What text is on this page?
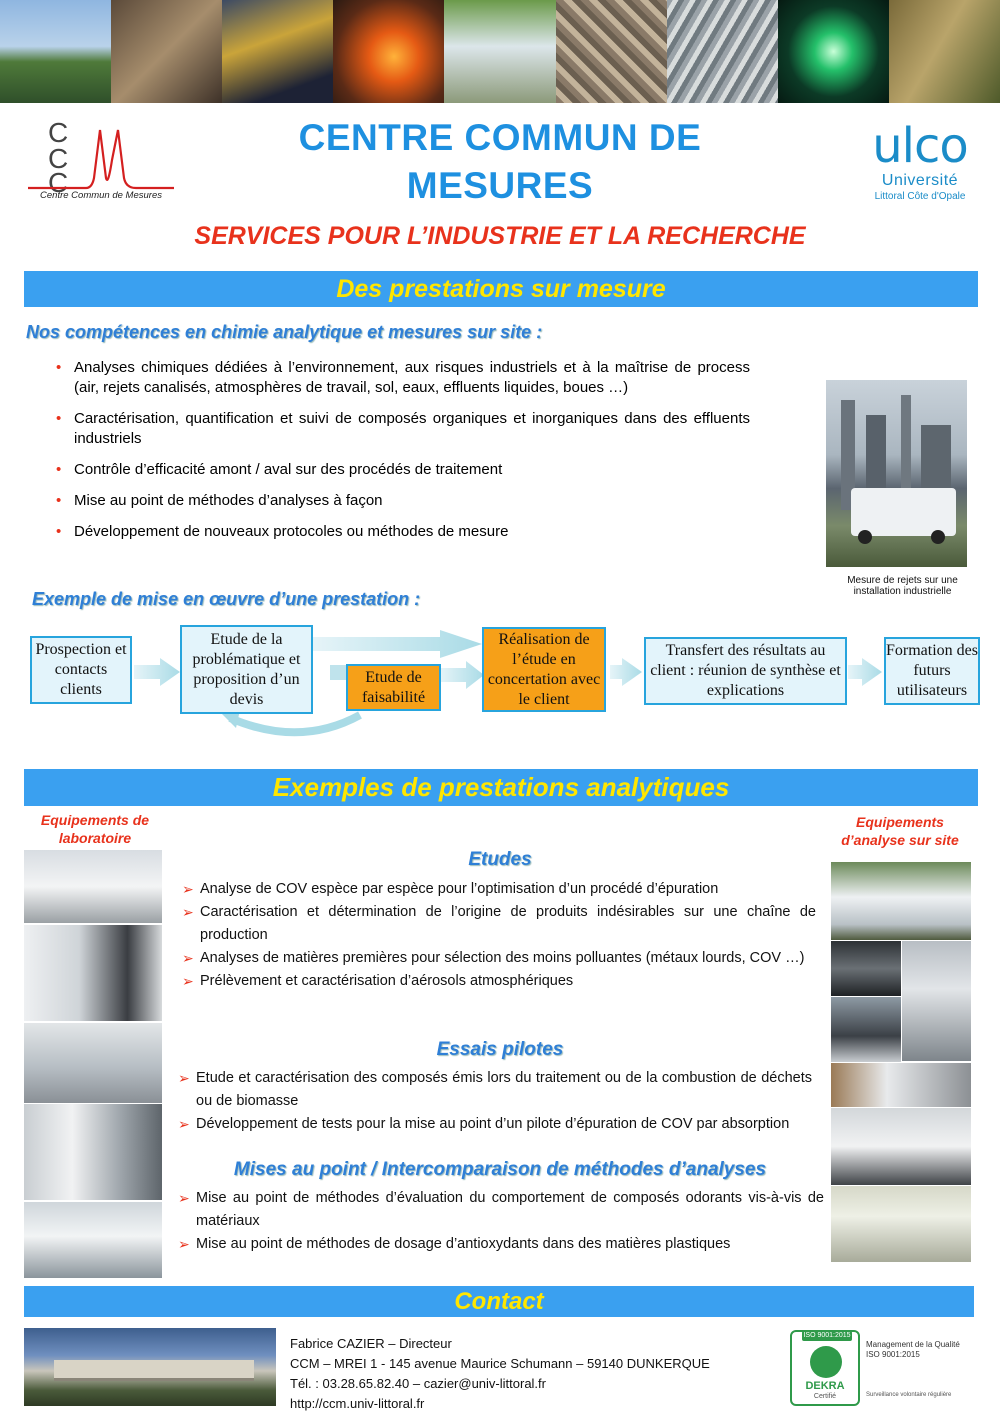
C
C
C
Centre Commun de Mesures
CENTRE COMMUN DE
MESURES
ulco
Université
Littoral Côte d'Opale
SERVICES POUR L’INDUSTRIE ET LA RECHERCHE
Des prestations sur mesure
Nos compétences en chimie analytique et mesures sur site :
• Analyses chimiques dédiées à l’environnement, aux risques industriels et à la maîtrise de process (air, rejets canalisés, atmosphères de travail, sol, eaux, effluents liquides, boues …)
• Caractérisation, quantification et suivi de composés organiques et inorganiques dans des effluents industriels
• Contrôle d’efficacité amont / aval sur des procédés de traitement
• Mise au point de méthodes d’analyses à façon
• Développement de nouveaux protocoles ou méthodes de mesure
Mesure de rejets sur une installation industrielle
Exemple de mise en œuvre d’une prestation :
Prospection et contacts clients
Etude de la problématique et proposition d’un devis
Etude de faisabilité
Réalisation de l’étude en concertation avec le client
Transfert des résultats au client : réunion de synthèse et explications
Formation des futurs utilisateurs
Exemples de prestations analytiques
Equipements de laboratoire
Equipements d’analyse sur site
Etudes
➢ Analyse de COV espèce par espèce pour l’optimisation d’un procédé d’épuration
➢ Caractérisation et détermination de l’origine de produits indésirables sur une chaîne de production
➢ Analyses de matières premières pour sélection des moins polluantes (métaux lourds, COV …)
➢ Prélèvement et caractérisation d’aérosols atmosphériques
Essais pilotes
➢ Etude et caractérisation des composés émis lors du traitement ou de la combustion de déchets ou de biomasse
➢ Développement de tests pour la mise au point d’un pilote d’épuration de COV par absorption
Mises au point / Intercomparaison de méthodes d’analyses
➢ Mise au point de méthodes d’évaluation du comportement de composés odorants vis-à-vis de matériaux
➢ Mise au point de méthodes de dosage d’antioxydants dans des matières plastiques
Contact
Fabrice CAZIER – Directeur
CCM – MREI 1 - 145 avenue Maurice Schumann – 59140 DUNKERQUE
Tél. : 03.28.65.82.40 – cazier@univ-littoral.fr
http://ccm.univ-littoral.fr
ISO 9001:2015
DEKRA
Certifié
Management de la Qualité
ISO 9001:2015
Surveillance volontaire régulière
